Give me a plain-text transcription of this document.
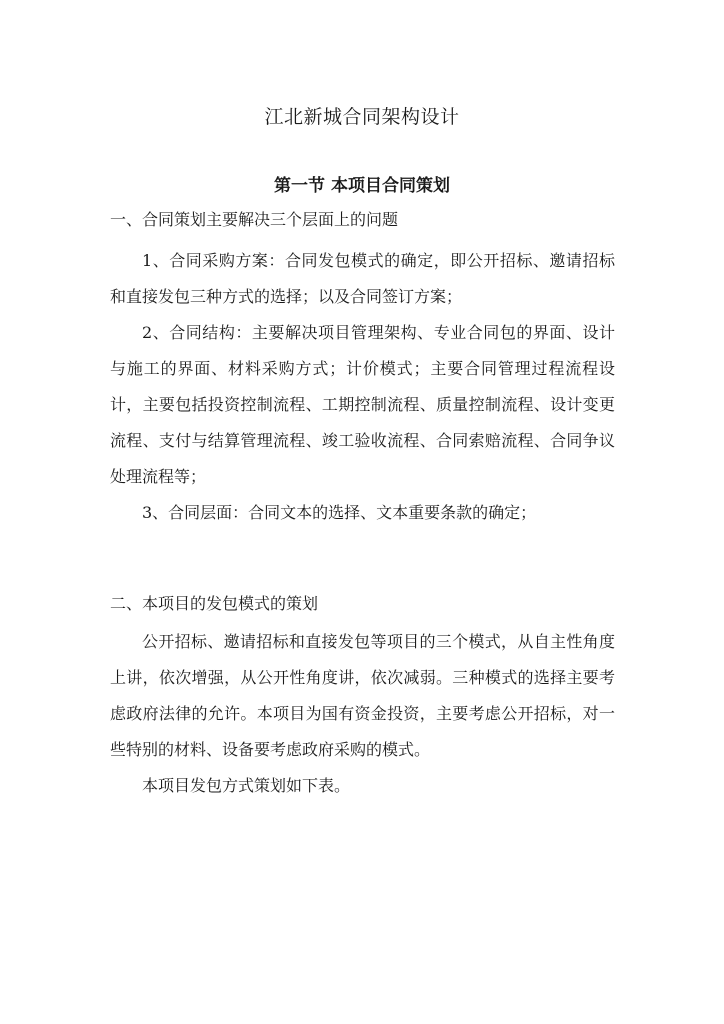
江北新城合同架构设计
第一节 本项目合同策划
一、合同策划主要解决三个层面上的问题

1、合同采购方案：合同发包模式的确定，即公开招标、邀请招标和直接发包三种方式的选择；以及合同签订方案；

2、合同结构：主要解决项目管理架构、专业合同包的界面、设计与施工的界面、材料采购方式；计价模式；主要合同管理过程流程设计，主要包括投资控制流程、工期控制流程、质量控制流程、设计变更流程、支付与结算管理流程、竣工验收流程、合同索赔流程、合同争议处理流程等；

3、合同层面：合同文本的选择、文本重要条款的确定；

二、本项目的发包模式的策划

公开招标、邀请招标和直接发包等项目的三个模式，从自主性角度上讲，依次增强，从公开性角度讲，依次减弱。三种模式的选择主要考虑政府法律的允许。本项目为国有资金投资，主要考虑公开招标，对一些特别的材料、设备要考虑政府采购的模式。

本项目发包方式策划如下表。
